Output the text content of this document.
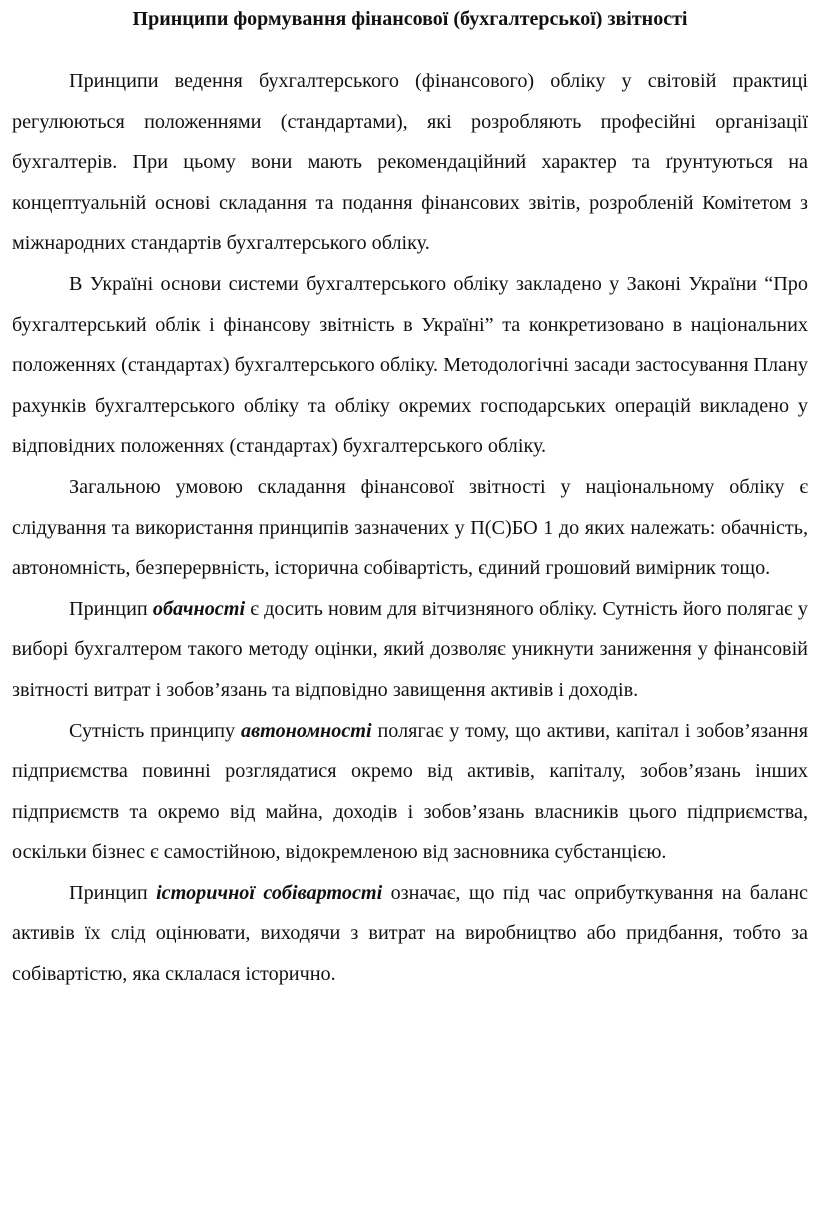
Принципи формування фінансової (бухгалтерської) звітності

Принципи ведення бухгалтерського (фінансового) обліку у світовій практиці регулюються положеннями (стандартами), які розробляють професійні організації бухгалтерів. При цьому вони мають рекомендаційний характер та ґрунтуються на концептуальній основі складання та подання фінансових звітів, розробленій Комітетом з міжнародних стандартів бухгалтерського обліку.

В Україні основи системи бухгалтерського обліку закладено у Законі України “Про бухгалтерський облік і фінансову звітність в Україні” та конкретизовано в національних положеннях (стандартах) бухгалтерського обліку. Методологічні засади застосування Плану рахунків бухгалтерського обліку та обліку окремих господарських операцій викладено у відповідних положеннях (стандартах) бухгалтерського обліку.

Загальною умовою складання фінансової звітності у національному обліку є слідування та використання принципів зазначених у П(С)БО 1 до яких належать: обачність, автономність, безперервність, історична собівартість, єдиний грошовий вимірник тощо.

Принцип обачності є досить новим для вітчизняного обліку. Сутність його полягає у виборі бухгалтером такого методу оцінки, який дозволяє уникнути заниження у фінансовій звітності витрат і зобов’язань та відповідно завищення активів і доходів.

Сутність принципу автономності полягає у тому, що активи, капітал і зобов’язання підприємства повинні розглядатися окремо від активів, капіталу, зобов’язань інших підприємств та окремо від майна, доходів і зобов’язань власників цього підприємства, оскільки бізнес є самостійною, відокремленою від засновника субстанцією.

Принцип історичної собівартості означає, що під час оприбуткування на баланс активів їх слід оцінювати, виходячи з витрат на виробництво або придбання, тобто за собівартістю, яка склалася історично.
